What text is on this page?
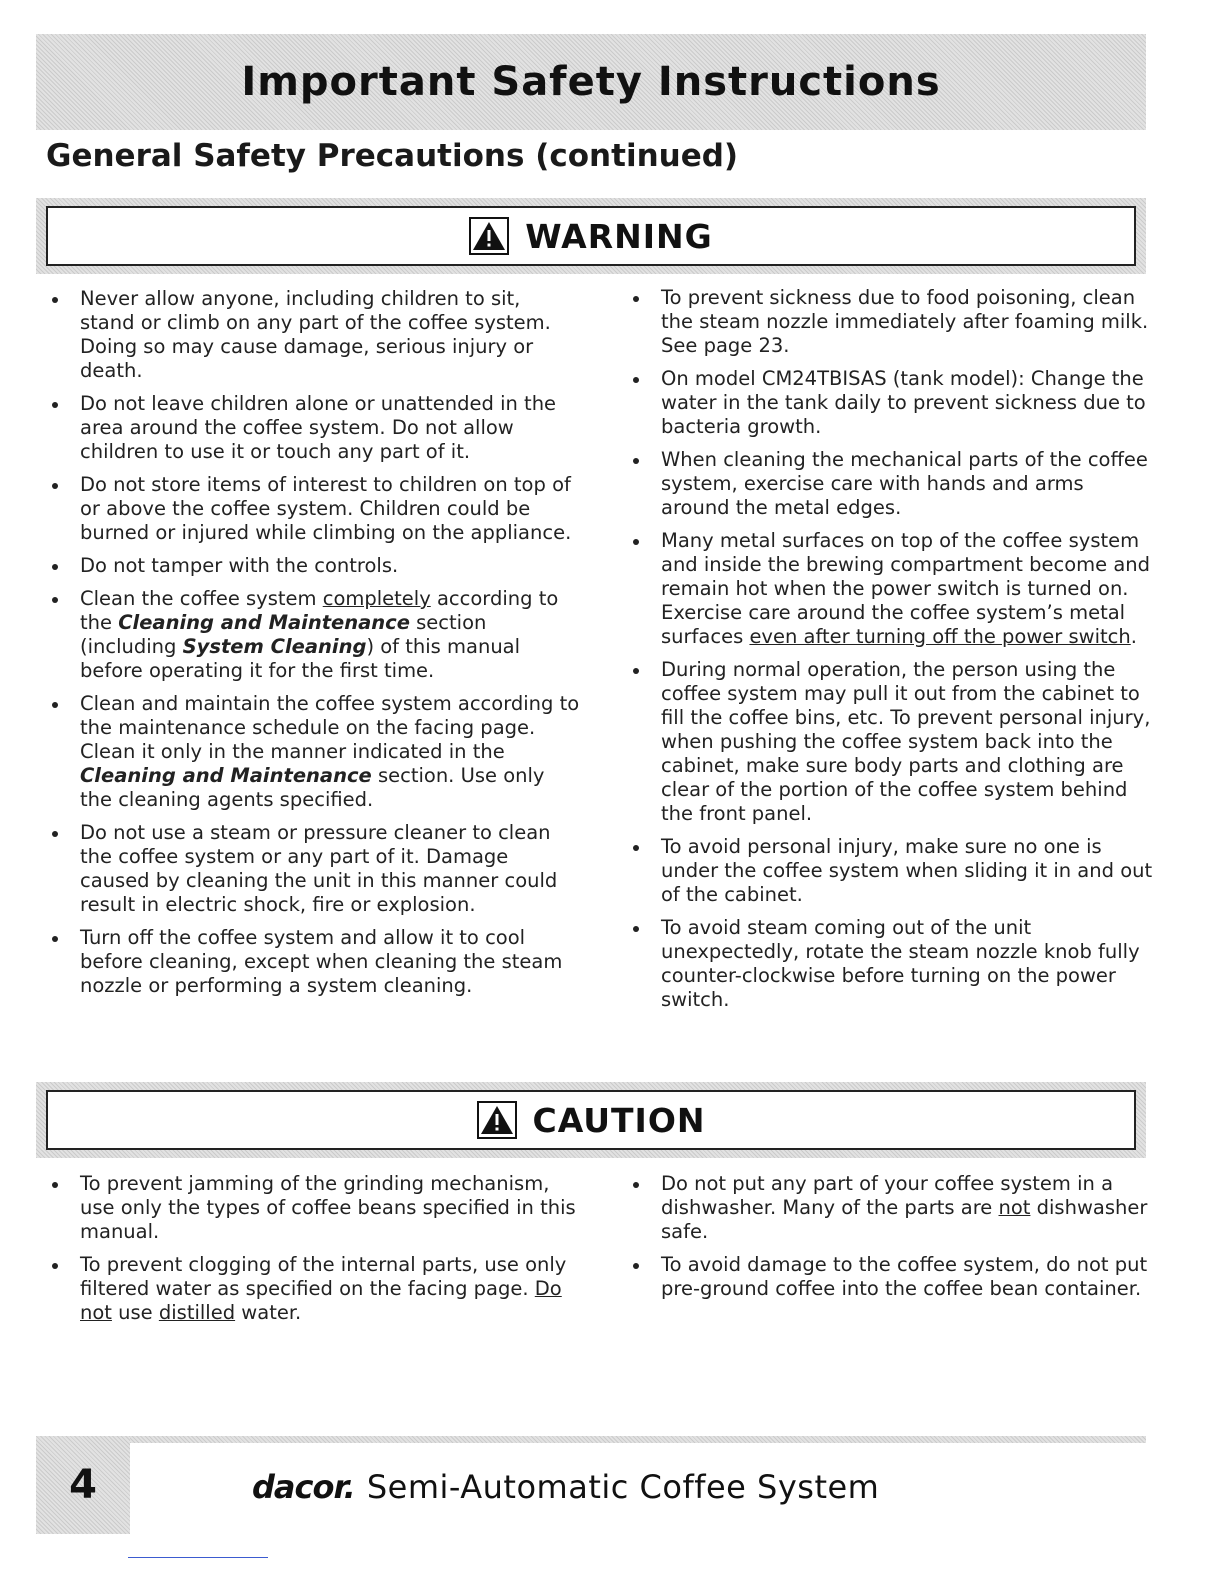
Important Safety Instructions
General Safety Precautions (continued)
WARNING
Never allow anyone, including children to sit, stand or climb on any part of the coffee system. Doing so may cause damage, serious injury or death.
Do not leave children alone or unattended in the area around the coffee system. Do not allow children to use it or touch any part of it.
Do not store items of interest to children on top of or above the coffee system. Children could be burned or injured while climbing on the appliance.
Do not tamper with the controls.
Clean the coffee system completely according to the Cleaning and Maintenance section (including System Cleaning) of this manual before operating it for the first time.
Clean and maintain the coffee system according to the maintenance schedule on the facing page. Clean it only in the manner indicated in the Cleaning and Maintenance section. Use only the cleaning agents specified.
Do not use a steam or pressure cleaner to clean the coffee system or any part of it. Damage caused by cleaning the unit in this manner could result in electric shock, fire or explosion.
Turn off the coffee system and allow it to cool before cleaning, except when cleaning the steam nozzle or performing a system cleaning.
To prevent sickness due to food poisoning, clean the steam nozzle immediately after foaming milk. See page 23.
On model CM24TBISAS (tank model): Change the water in the tank daily to prevent sickness due to bacteria growth.
When cleaning the mechanical parts of the coffee system, exercise care with hands and arms around the metal edges.
Many metal surfaces on top of the coffee system and inside the brewing compartment become and remain hot when the power switch is turned on. Exercise care around the coffee system’s metal surfaces even after turning off the power switch.
During normal operation, the person using the coffee system may pull it out from the cabinet to fill the coffee bins, etc. To prevent personal injury, when pushing the coffee system back into the cabinet, make sure body parts and clothing are clear of the portion of the coffee system behind the front panel.
To avoid personal injury, make sure no one is under the coffee system when sliding it in and out of the cabinet.
To avoid steam coming out of the unit unexpectedly, rotate the steam nozzle knob fully counter-clockwise before turning on the power switch.
CAUTION
To prevent jamming of the grinding mechanism, use only the types of coffee beans specified in this manual.
To prevent clogging of the internal parts, use only filtered water as specified on the facing page. Do not use distilled water.
Do not put any part of your coffee system in a dishwasher. Many of the parts are not dishwasher safe.
To avoid damage to the coffee system, do not put pre-ground coffee into the coffee bean container.
4	dacor. Semi-Automatic Coffee System
